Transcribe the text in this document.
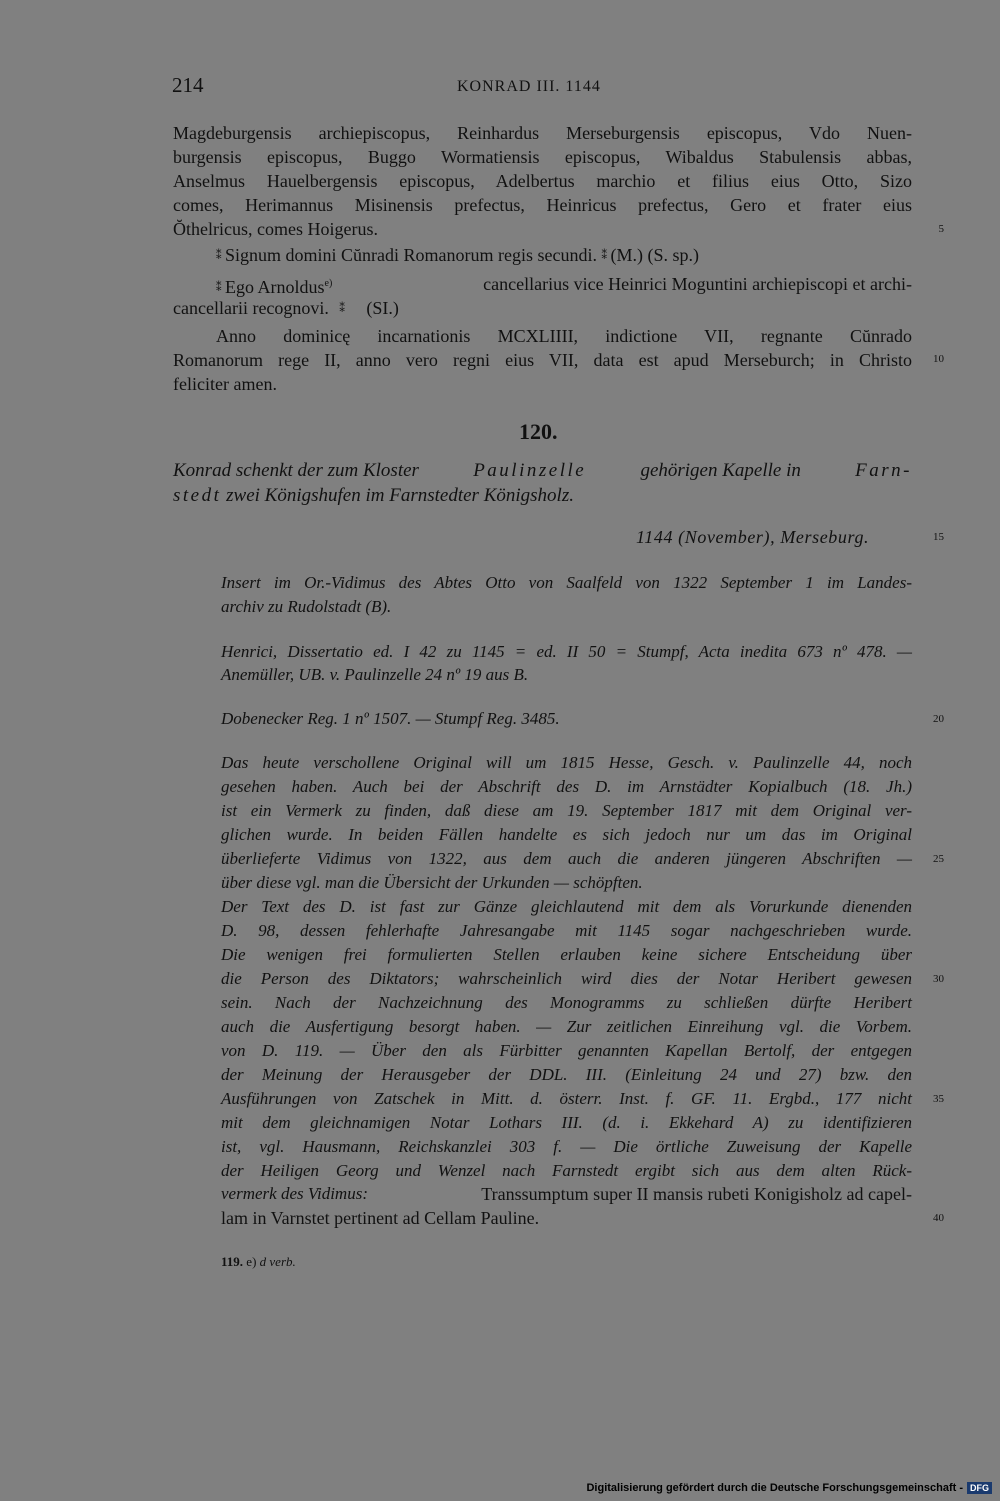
214	KONRAD III. 1144
Magdeburgensis archiepiscopus, Reinhardus Merseburgensis episcopus, Vdo Nuen-
burgensis episcopus, Buggo Wormatiensis episcopus, Wibaldus Stabulensis abbas,
Anselmus Hauelbergensis episcopus, Adelbertus marchio et filius eius Otto, Sizo
comes, Herimannus Misinensis prefectus, Heinricus prefectus, Gero et frater eius
Ŏthelricus, comes Hoigerus.
⁑ Signum domini Cŭnradi Romanorum regis secundi. ⁑ (M.) (S. sp.)
⁑ Ego Arnoldus$^{e)}$	cancellarius vice Heinrici Moguntini archiepiscopi et archi-
cancellarii recognovi. ⁑ (SI.)
Anno dominicę incarnationis MCXLIIII, indictione VII, regnante Cŭnrado
Romanorum rege II, anno vero regni eius VII, data est apud Merseburch; in Christo
feliciter amen.
120.
Konrad schenkt der zum Kloster	Paulinzelle	gehörigen Kapelle in	Farn-
stedt zwei Königshufen im Farnstedter Königsholz.
1144 (November), Merseburg.
Insert im Or.-Vidimus des Abtes Otto von Saalfeld von 1322 September 1 im Landes-
archiv zu Rudolstadt (B).
Henrici, Dissertatio ed. I 42 zu 1145 = ed. II 50 = Stumpf, Acta inedita 673 nº 478. —
Anemüller, UB. v. Paulinzelle 24 nº 19 aus B.
Dobenecker Reg. 1 nº 1507. — Stumpf Reg. 3485.
Das heute verschollene Original will um 1815 Hesse, Gesch. v. Paulinzelle 44, noch
gesehen haben. Auch bei der Abschrift des D. im Arnstädter Kopialbuch (18. Jh.)
ist ein Vermerk zu finden, daß diese am 19. September 1817 mit dem Original ver-
glichen wurde. In beiden Fällen handelte es sich jedoch nur um das im Original
überlieferte Vidimus von 1322, aus dem auch die anderen jüngeren Abschriften —
über diese vgl. man die Übersicht der Urkunden — schöpften.
Der Text des D. ist fast zur Gänze gleichlautend mit dem als Vorurkunde dienenden
D. 98, dessen fehlerhafte Jahresangabe mit 1145 sogar nachgeschrieben wurde.
Die wenigen frei formulierten Stellen erlauben keine sichere Entscheidung über
die Person des Diktators; wahrscheinlich wird dies der Notar Heribert gewesen
sein. Nach der Nachzeichnung des Monogramms zu schließen dürfte Heribert
auch die Ausfertigung besorgt haben. — Zur zeitlichen Einreihung vgl. die Vorbem.
von D. 119. — Über den als Fürbitter genannten Kapellan Bertolf, der entgegen
der Meinung der Herausgeber der DDL. III. (Einleitung 24 und 27) bzw. den
Ausführungen von Zatschek in Mitt. d. österr. Inst. f. GF. 11. Ergbd., 177 nicht
mit dem gleichnamigen Notar Lothars III. (d. i. Ekkehard A) zu identifizieren
ist, vgl. Hausmann, Reichskanzlei 303 f. — Die örtliche Zuweisung der Kapelle
der Heiligen Georg und Wenzel nach Farnstedt ergibt sich aus dem alten Rück-
vermerk des Vidimus:	Transsumptum super II mansis rubeti Konigisholz ad capel-
lam in Varnstet pertinent ad Cellam Pauline.
5
10
15
20
25
30
35
40
119. e) d verb.
Digitalisierung gefördert durch die Deutsche Forschungsgemeinschaft - DFG
